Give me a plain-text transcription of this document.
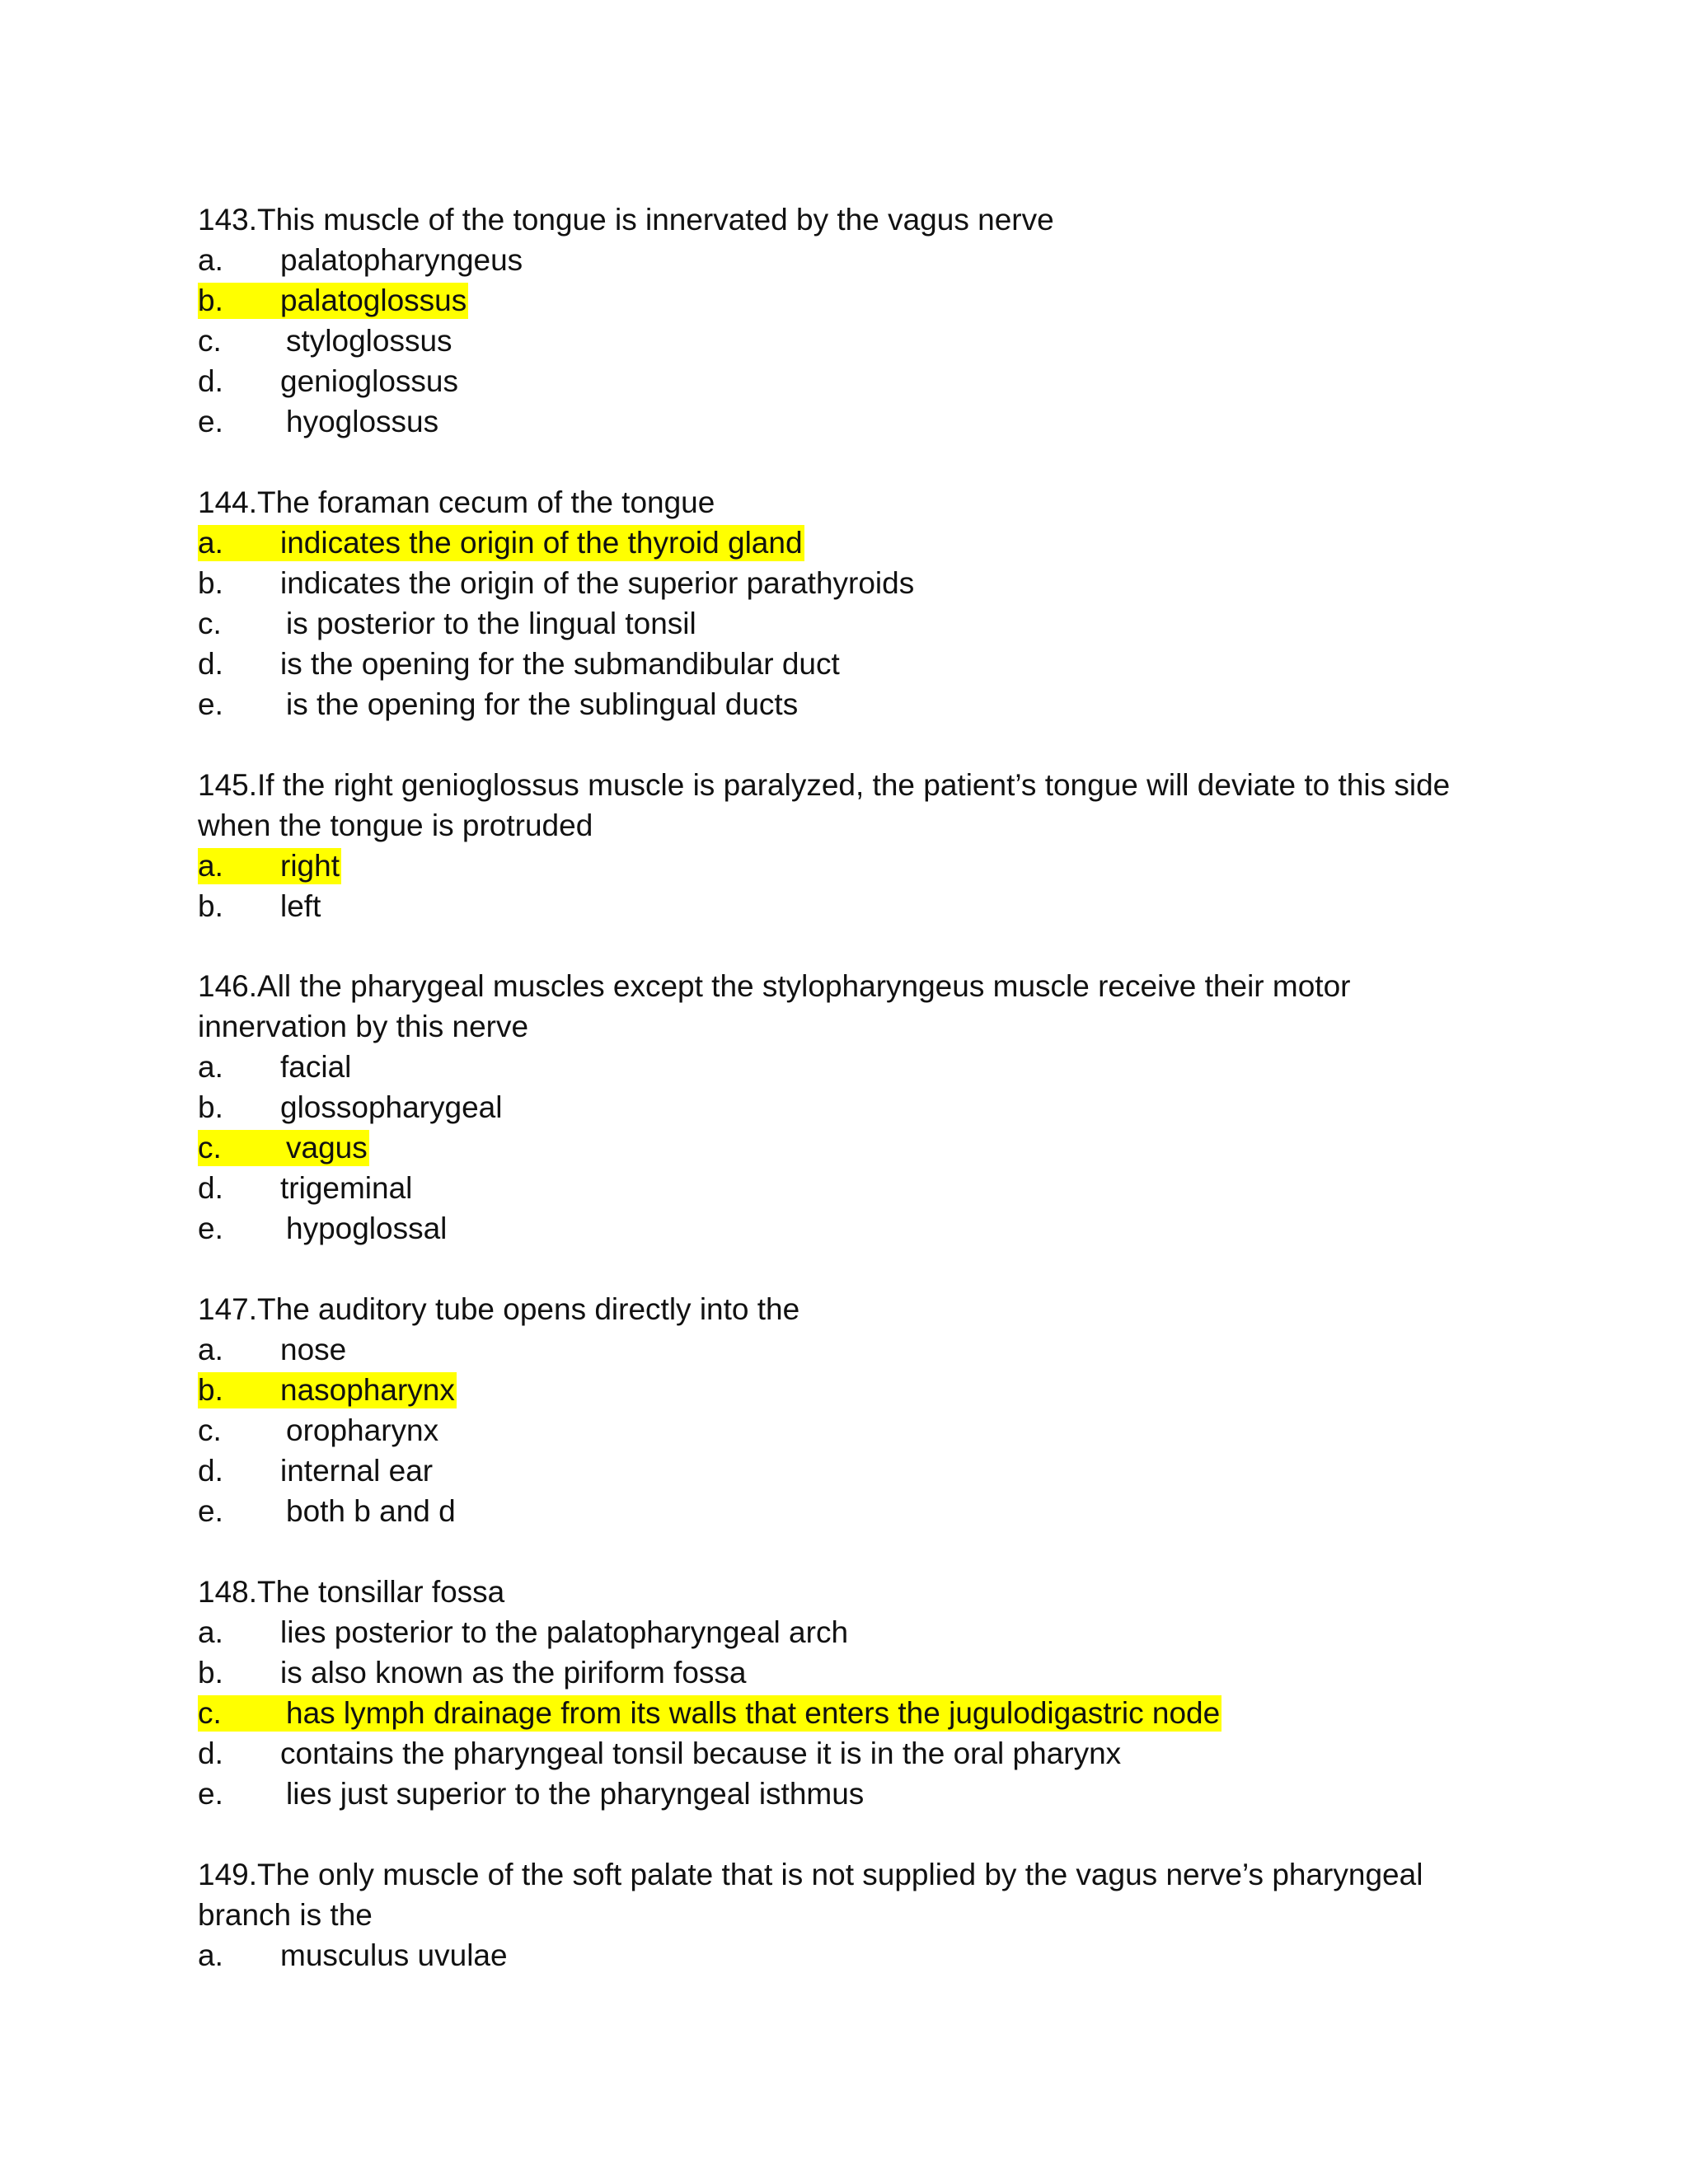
143.This muscle of the tongue is innervated by the vagus nerve

a. palatopharyngeus
b. palatoglossus
c. styloglossus
d. genioglossus
e. hyoglossus

144.The foraman cecum of the tongue

a. indicates the origin of the thyroid gland
b. indicates the origin of the superior parathyroids
c. is posterior to the lingual tonsil
d. is the opening for the submandibular duct
e. is the opening for the sublingual ducts

145.If the right genioglossus muscle is paralyzed, the patient’s tongue will deviate to this side when the tongue is protruded

a. right
b. left

146.All the pharygeal muscles except the stylopharyngeus muscle receive their motor innervation by this nerve

a. facial
b. glossopharygeal
c. vagus
d. trigeminal
e. hypoglossal

147.The auditory tube opens directly into the

a. nose
b. nasopharynx
c. oropharynx
d. internal ear
e. both b and d

148.The tonsillar fossa

a. lies posterior to the palatopharyngeal arch
b. is also known as the piriform fossa
c. has lymph drainage from its walls that enters the jugulodigastric node
d. contains the pharyngeal tonsil because it is in the oral pharynx
e. lies just superior to the pharyngeal isthmus

149.The only muscle of the soft palate that is not supplied by the vagus nerve’s pharyngeal branch is the

a. musculus uvulae
